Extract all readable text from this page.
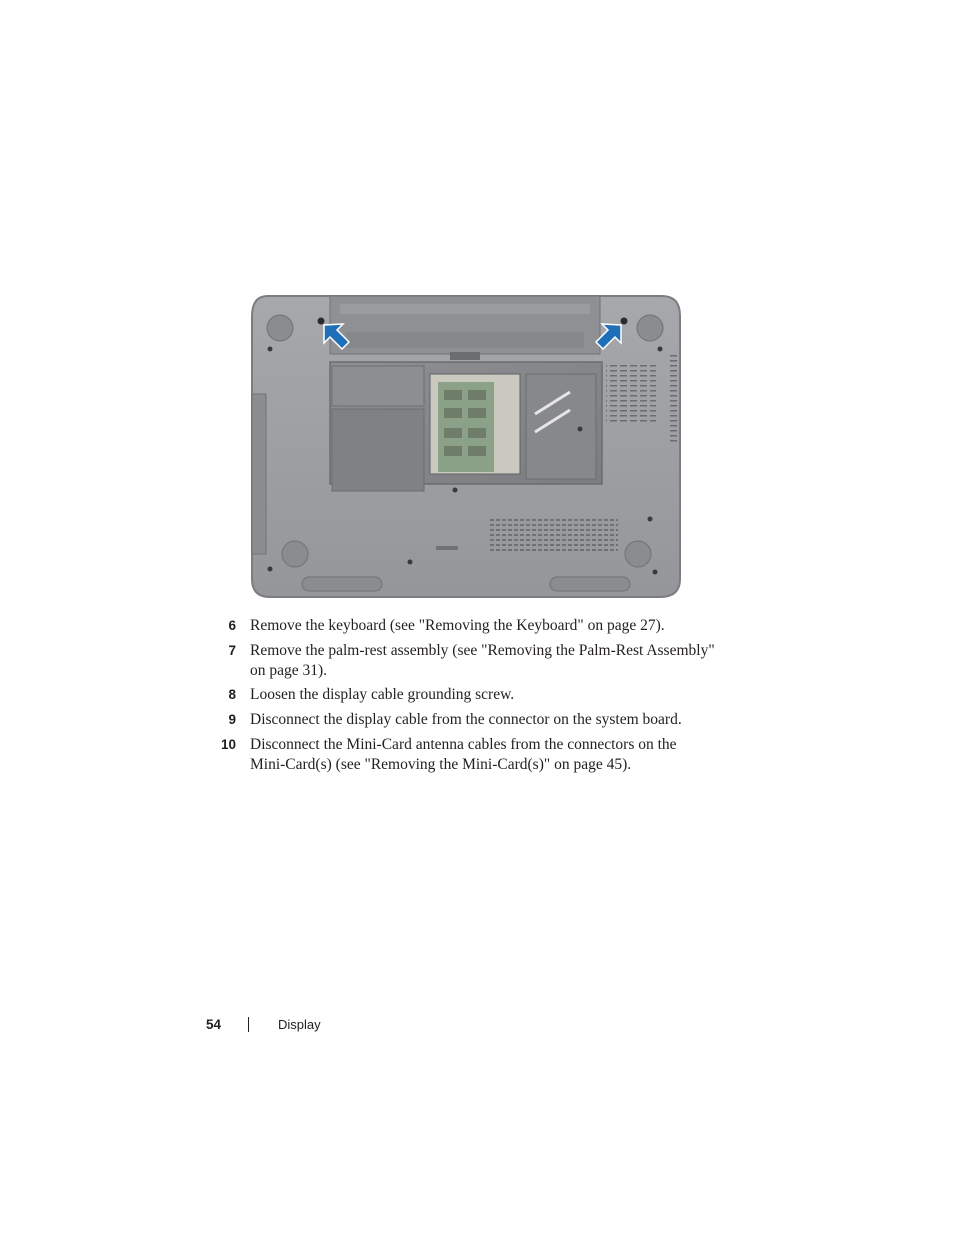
6 Remove the keyboard (see "Removing the Keyboard" on page 27).
7 Remove the palm-rest assembly (see "Removing the Palm-Rest Assembly"
on page 31).
8 Loosen the display cable grounding screw.
9 Disconnect the display cable from the connector on the system board.
10 Disconnect the Mini-Card antenna cables from the connectors on the
Mini-Card(s) (see "Removing the Mini-Card(s)" on page 45).
54	Display
